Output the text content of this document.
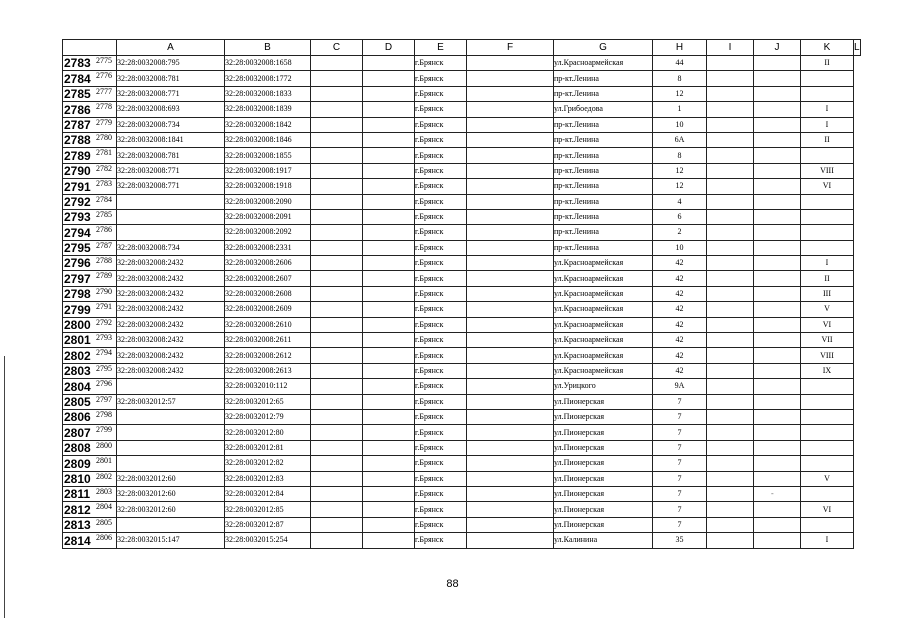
	A	B	C	D	E	F	G	H	I	J	K	L

2783 2775	32:28:0032008:795	32:28:0032008:1658			г.Брянск		ул.Красноармейская	44			II	

2784 2776	32:28:0032008:781	32:28:0032008:1772			г.Брянск		пр-кт.Ленина	8				

2785 2777	32:28:0032008:771	32:28:0032008:1833			г.Брянск		пр-кт.Ленина	12				

2786 2778	32:28:0032008:693	32:28:0032008:1839			г.Брянск		ул.Грибоедова	1			I	

2787 2779	32:28:0032008:734	32:28:0032008:1842			г.Брянск		пр-кт.Ленина	10			I	

2788 2780	32:28:0032008:1841	32:28:0032008:1846			г.Брянск		пр-кт.Ленина	6А			II	

2789 2781	32:28:0032008:781	32:28:0032008:1855			г.Брянск		пр-кт.Ленина	8				

2790 2782	32:28:0032008:771	32:28:0032008:1917			г.Брянск		пр-кт.Ленина	12			VIII	

2791 2783	32:28:0032008:771	32:28:0032008:1918			г.Брянск		пр-кт.Ленина	12			VI	

2792 2784		32:28:0032008:2090			г.Брянск		пр-кт.Ленина	4				

2793 2785		32:28:0032008:2091			г.Брянск		пр-кт.Ленина	6				

2794 2786		32:28:0032008:2092			г.Брянск		пр-кт.Ленина	2				

2795 2787	32:28:0032008:734	32:28:0032008:2331			г.Брянск		пр-кт.Ленина	10				

2796 2788	32:28:0032008:2432	32:28:0032008:2606			г.Брянск		ул.Красноармейская	42			I	

2797 2789	32:28:0032008:2432	32:28:0032008:2607			г.Брянск		ул.Красноармейская	42			II	

2798 2790	32:28:0032008:2432	32:28:0032008:2608			г.Брянск		ул.Красноармейская	42			III	

2799 2791	32:28:0032008:2432	32:28:0032008:2609			г.Брянск		ул.Красноармейская	42			V	

2800 2792	32:28:0032008:2432	32:28:0032008:2610			г.Брянск		ул.Красноармейская	42			VI	

2801 2793	32:28:0032008:2432	32:28:0032008:2611			г.Брянск		ул.Красноармейская	42			VII	

2802 2794	32:28:0032008:2432	32:28:0032008:2612			г.Брянск		ул.Красноармейская	42			VIII	

2803 2795	32:28:0032008:2432	32:28:0032008:2613			г.Брянск		ул.Красноармейская	42			IX	

2804 2796		32:28:0032010:112			г.Брянск		ул.Урицкого	9А				

2805 2797	32:28:0032012:57	32:28:0032012:65			г.Брянск		ул.Пионерская	7				

2806 2798		32:28:0032012:79			г.Брянск		ул.Пионерская	7				

2807 2799		32:28:0032012:80			г.Брянск		ул.Пионерская	7				

2808 2800		32:28:0032012:81			г.Брянск		ул.Пионерская	7				

2809 2801		32:28:0032012:82			г.Брянск		ул.Пионерская	7				

2810 2802	32:28:0032012:60	32:28:0032012:83			г.Брянск		ул.Пионерская	7			V	

2811 2803	32:28:0032012:60	32:28:0032012:84			г.Брянск		ул.Пионерская	7				

2812 2804	32:28:0032012:60	32:28:0032012:85			г.Брянск		ул.Пионерская	7			VI	

2813 2805		32:28:0032012:87			г.Брянск		ул.Пионерская	7				

2814 2806	32:28:0032015:147	32:28:0032015:254			г.Брянск		ул.Калинина	35			I	
-
88
